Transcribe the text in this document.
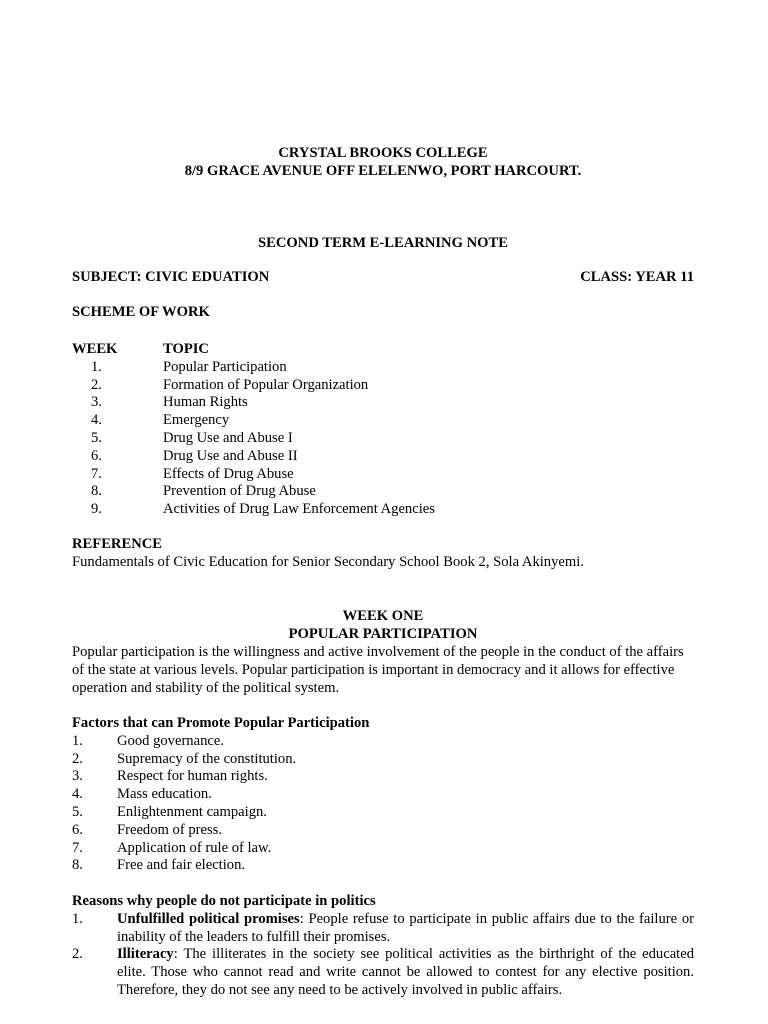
CRYSTAL BROOKS COLLEGE
8/9 GRACE AVENUE OFF ELELENWO, PORT HARCOURT.
SECOND TERM E-LEARNING NOTE
SUBJECT: CIVIC EDUATION	CLASS: YEAR 11
SCHEME OF WORK
WEEK	TOPIC
1.	Popular Participation
2.	Formation of Popular Organization
3.	Human Rights
4.	Emergency
5.	Drug Use and Abuse I
6.	Drug Use and Abuse II
7.	Effects of Drug Abuse
8.	Prevention of Drug Abuse
9.	Activities of Drug Law Enforcement Agencies
REFERENCE
Fundamentals of Civic Education for Senior Secondary School Book 2, Sola Akinyemi.
WEEK ONE
POPULAR PARTICIPATION
Popular participation is the willingness and active involvement of the people in the conduct of the affairs of the state at various levels. Popular participation is important in democracy and it allows for effective operation and stability of the political system.
Factors that can Promote Popular Participation
1.	Good governance.
2.	Supremacy of the constitution.
3.	Respect for human rights.
4.	Mass education.
5.	Enlightenment campaign.
6.	Freedom of press.
7.	Application of rule of law.
8.	Free and fair election.
Reasons why people do not participate in politics
1.	Unfulfilled political promises: People refuse to participate in public affairs due to the failure or inability of the leaders to fulfill their promises.
2.	Illiteracy: The illiterates in the society see political activities as the birthright of the educated elite. Those who cannot read and write cannot be allowed to contest for any elective position. Therefore, they do not see any need to be actively involved in public affairs.
